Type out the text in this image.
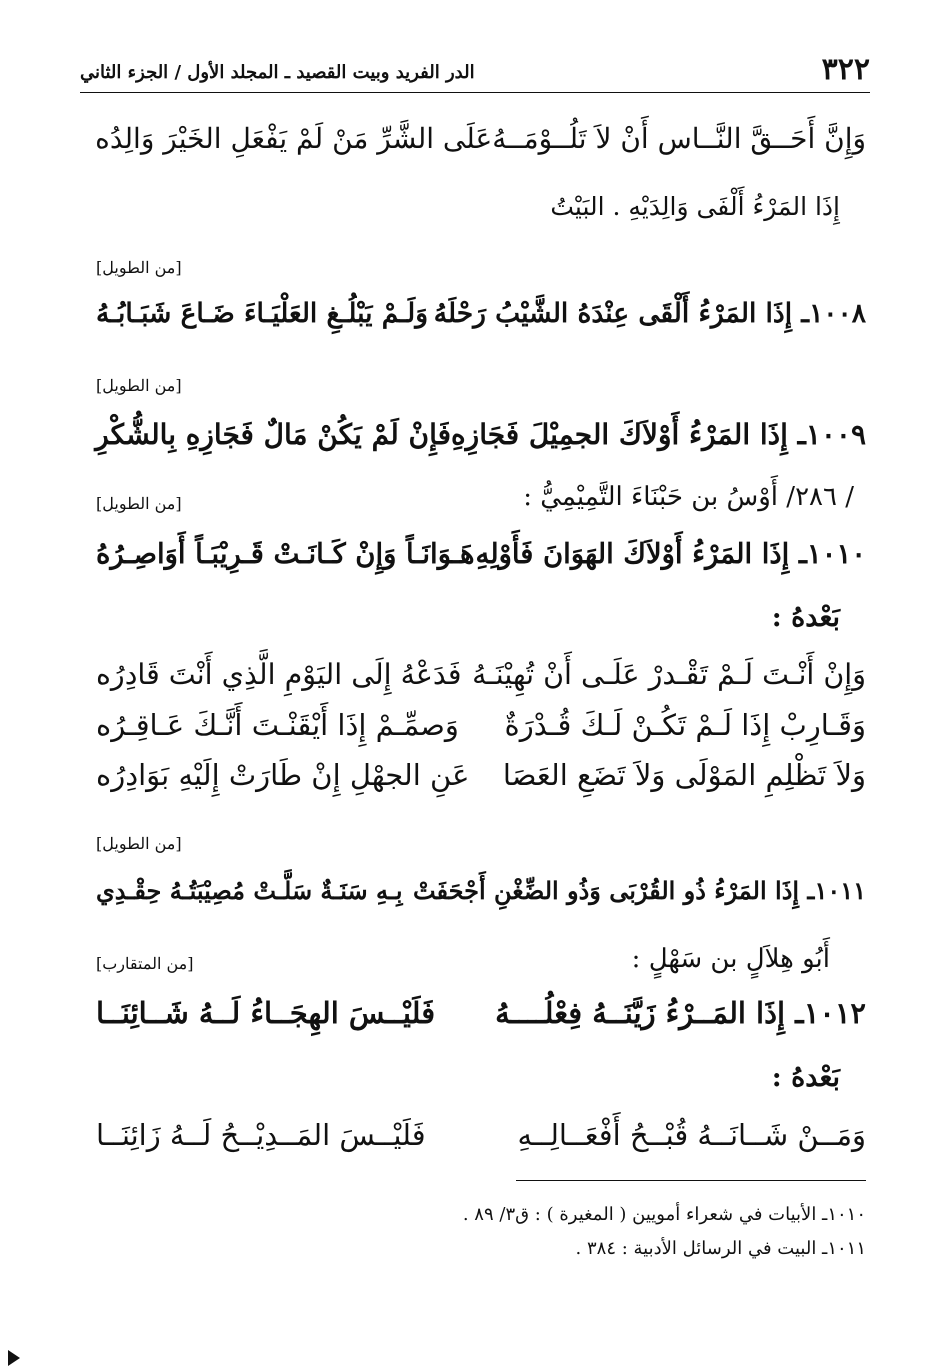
٣٢٢
الدر الفريد وبيت القصيد ـ المجلد الأول / الجزء الثاني
وَإِنَّ أَحَــقَّ النَّــاس أَنْ لاَ تَلُــوْمَــهُ
عَلَى الشَّرِّ مَنْ لَمْ يَفْعَلِ الخَيْرَ وَالِدُه
إِذَا المَرْءُ أَلْفَى وَالِدَيْهِ . البَيْتُ
[من الطويل]
١٠٠٨ـ إِذَا المَرْءُ أَلْقَى عِنْدَهُ الشَّيْبُ رَحْلَهُ
وَلَـمْ يَبْلُـغِ العَلْيَـاءَ ضَـاعَ شَبَـابُـهُ
[من الطويل]
١٠٠٩ـ إِذَا المَرْءُ أَوْلاَكَ الجمِيْلَ فَجَازِهِ
فَإِنْ لَمْ يَكُنْ مَالٌ فَجَازِهِ بِالشُّكْرِ
/ ٢٨٦/ أَوْسُ بن حَبْنَاءَ التَّمِيْمِيُّ :
[من الطويل]
١٠١٠ـ إِذَا المَرْءُ أَوْلاَكَ الهَوَانَ فَأَوْلِهِ
هَـوَانَـاً وَإِنْ كَـانَـتْ قَـرِيْبَـاً أَوَاصِـرُهُ
بَعْدهُ :
وَإِنْ أَنْـتَ لَـمْ تَقْـدرْ عَلَـى أَنْ تُهِيْنَـهُ
فَدَعْهُ إِلَى اليَوْمِ الَّذِي أَنْتَ قَادِرُه
وَقَـارِبْ إِذَا لَـمْ تَكُـنْ لَـكَ قُـدْرَةٌ
وَصمِّـمْ إِذَا أَيْقَنْـتَ أَنَّـكَ عَـاقِـرُه
وَلاَ تَظْلِمِ المَوْلَى وَلاَ تَضَعِ العَصَا
عَنِ الجهْلِ إِنْ طَارَتْ إِلَيْهِ بَوَادِرُه
[من الطويل]
١٠١١ـ إِذَا المَرْءُ ذُو القُرْبَى وَذُو الضِّغْنِ أَجْحَفَتْ
بِـهِ سَنَـةٌ سَلَّـتْ مُصِيْبَتُـهُ حِقْـدِي
أَبُو هِلاَلٍ بن سَهْلٍ :
[من المتقارب]
١٠١٢ـ إِذَا المَــرْءُ زَيَّنَــهُ فِعْلُــــهُ
فَلَيْــسَ الهِجَــاءُ لَــهُ شَــائِنَــا
بَعْدهُ :
وَمَــنْ شَــانَــهُ قُبْــحُ أَفْعَــالِــهِ
فَلَيْــسَ المَــدِيْــحُ لَــهُ زَائِنَــا
١٠١٠ـ الأبيات في شعراء أمويين ( المغيرة ) : ق٣/ ٨٩ .
١٠١١ـ البيت في الرسائل الأدبية : ٣٨٤ .
